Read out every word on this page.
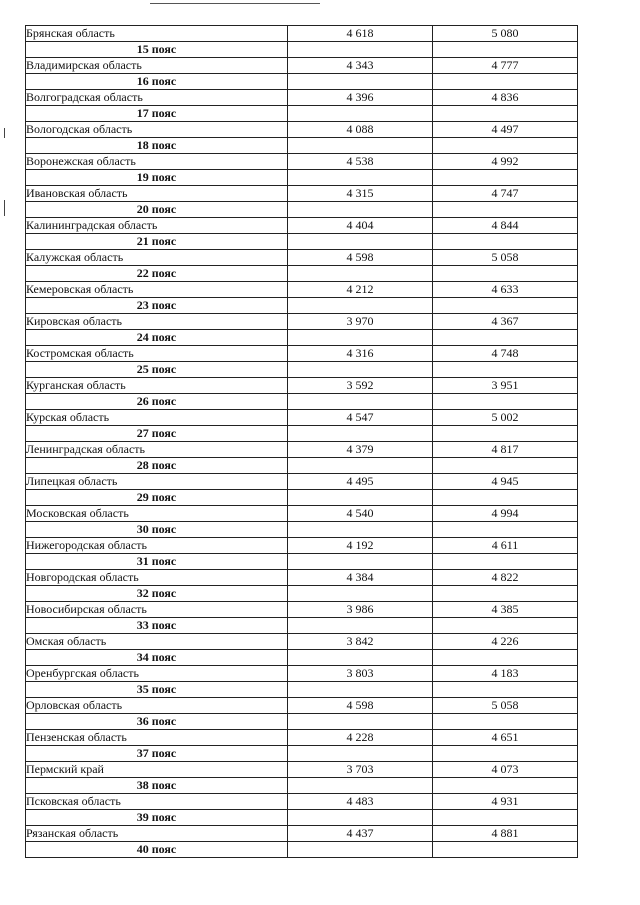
Брянская область	4 618	5 080
15 пояс		
Владимирская область	4 343	4 777
16 пояс		
Волгоградская область	4 396	4 836
17 пояс		
Вологодская область	4 088	4 497
18 пояс		
Воронежская область	4 538	4 992
19 пояс		
Ивановская область	4 315	4 747
20 пояс		
Калининградская область	4 404	4 844
21 пояс		
Калужская область	4 598	5 058
22 пояс		
Кемеровская область	4 212	4 633
23 пояс		
Кировская область	3 970	4 367
24 пояс		
Костромская область	4 316	4 748
25 пояс		
Курганская область	3 592	3 951
26 пояс		
Курская область	4 547	5 002
27 пояс		
Ленинградская область	4 379	4 817
28 пояс		
Липецкая область	4 495	4 945
29 пояс		
Московская область	4 540	4 994
30 пояс		
Нижегородская область	4 192	4 611
31 пояс		
Новгородская область	4 384	4 822
32 пояс		
Новосибирская область	3 986	4 385
33 пояс		
Омская область	3 842	4 226
34 пояс		
Оренбургская область	3 803	4 183
35 пояс		
Орловская область	4 598	5 058
36 пояс		
Пензенская область	4 228	4 651
37 пояс		
Пермский край	3 703	4 073
38 пояс		
Псковская область	4 483	4 931
39 пояс		
Рязанская область	4 437	4 881
40 пояс		
